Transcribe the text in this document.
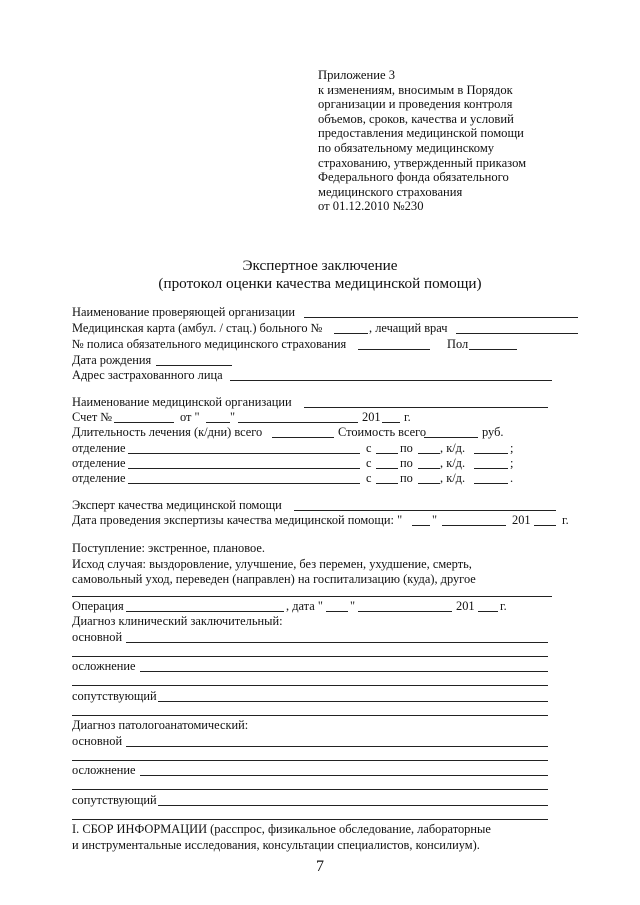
Приложение 3
к изменениям, вносимым в Порядок
организации и проведения контроля
объемов, сроков, качества и условий
предоставления медицинской помощи
по обязательному медицинскому
страхованию, утвержденный приказом
Федерального фонда обязательного
медицинского страхования
от 01.12.2010 №230
Экспертное заключение
(протокол оценки качества медицинской помощи)
Наименование проверяющей организации
Медицинская карта (амбул. / стац.) больного №	, лечащий врач
№ полиса обязательного медицинского страхования	Пол
Дата рождения
Адрес застрахованного лица
Наименование медицинской организации
Счет №	от " "	201 г.
Длительность лечения (к/дни) всего	Стоимость всего	руб.
отделение	с по , к/д.	;
отделение	с по , к/д.	;
отделение	с по , к/д.	.
Эксперт качества медицинской помощи
Дата проведения экспертизы качества медицинской помощи: " "	201	г.
Поступление: экстренное, плановое.
Исход случая: выздоровление, улучшение, без перемен, ухудшение, смерть,
самовольный уход, переведен (направлен) на госпитализацию (куда), другое
Операция	, дата " "	201 г.
Диагноз клинический заключительный:
основной
осложнение
сопутствующий
Диагноз патологоанатомический:
основной
осложнение
сопутствующий
I. СБОР ИНФОРМАЦИИ (расспрос, физикальное обследование, лабораторные
и инструментальные исследования, консультации специалистов, консилиум).
7
